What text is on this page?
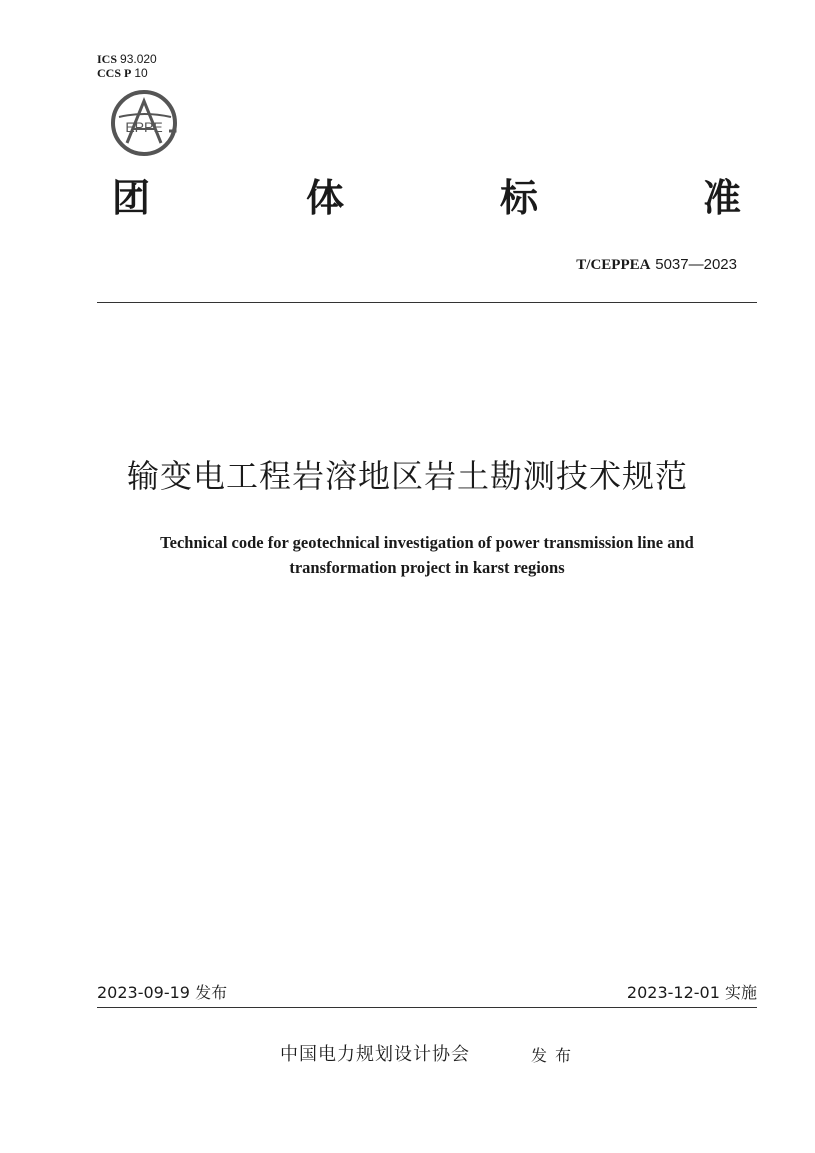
ICS 93.020
CCS P 10
EPPE
团	体	标	准
T/CEPPEA 5037—2023
输变电工程岩溶地区岩土勘测技术规范
Technical code for geotechnical investigation of power transmission line and
transformation project in karst regions
2023-09-19 发布	2023-12-01 实施
中国电力规划设计协会	发布
